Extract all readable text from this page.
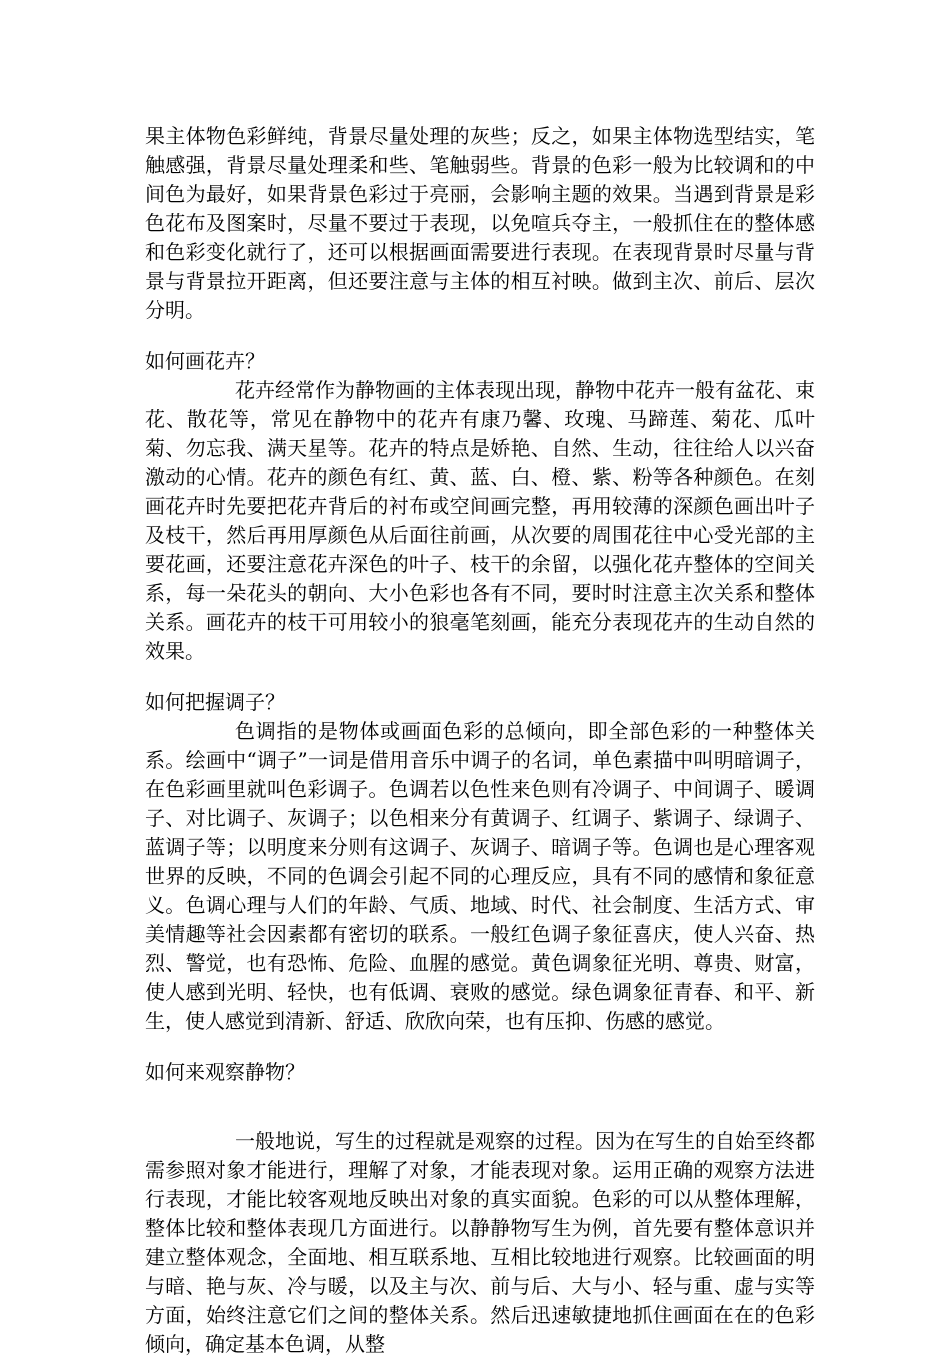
果主体物色彩鲜纯，背景尽量处理的灰些；反之，如果主体物选型结实，笔触感强，背景尽量处理柔和些、笔触弱些。背景的色彩一般为比较调和的中间色为最好，如果背景色彩过于亮丽，会影响主题的效果。当遇到背景是彩色花布及图案时，尽量不要过于表现，以免喧兵夺主，一般抓住在的整体感和色彩变化就行了，还可以根据画面需要进行表现。在表现背景时尽量与背景与背景拉开距离，但还要注意与主体的相互衬映。做到主次、前后、层次分明。

如何画花卉？

花卉经常作为静物画的主体表现出现，静物中花卉一般有盆花、束花、散花等，常见在静物中的花卉有康乃馨、玫瑰、马蹄莲、菊花、瓜叶菊、勿忘我、满天星等。花卉的特点是娇艳、自然、生动，往往给人以兴奋激动的心情。花卉的颜色有红、黄、蓝、白、橙、紫、粉等各种颜色。在刻画花卉时先要把花卉背后的衬布或空间画完整，再用较薄的深颜色画出叶子及枝干，然后再用厚颜色从后面往前画，从次要的周围花往中心受光部的主要花画，还要注意花卉深色的叶子、枝干的余留，以强化花卉整体的空间关系，每一朵花头的朝向、大小色彩也各有不同，要时时注意主次关系和整体关系。画花卉的枝干可用较小的狼毫笔刻画，能充分表现花卉的生动自然的效果。

如何把握调子？

色调指的是物体或画面色彩的总倾向，即全部色彩的一种整体关系。绘画中“调子”一词是借用音乐中调子的名词，单色素描中叫明暗调子，在色彩画里就叫色彩调子。色调若以色性来色则有冷调子、中间调子、暖调子、对比调子、灰调子；以色相来分有黄调子、红调子、紫调子、绿调子、蓝调子等；以明度来分则有这调子、灰调子、暗调子等。色调也是心理客观世界的反映，不同的色调会引起不同的心理反应，具有不同的感情和象征意义。色调心理与人们的年龄、气质、地域、时代、社会制度、生活方式、审美情趣等社会因素都有密切的联系。一般红色调子象征喜庆，使人兴奋、热烈、警觉，也有恐怖、危险、血腥的感觉。黄色调象征光明、尊贵、财富，使人感到光明、轻快，也有低调、衰败的感觉。绿色调象征青春、和平、新生，使人感觉到清新、舒适、欣欣向荣，也有压抑、伤感的感觉。

如何来观察静物？

一般地说，写生的过程就是观察的过程。因为在写生的自始至终都需参照对象才能进行，理解了对象，才能表现对象。运用正确的观察方法进行表现，才能比较客观地反映出对象的真实面貌。色彩的可以从整体理解，整体比较和整体表现几方面进行。以静静物写生为例，首先要有整体意识并建立整体观念，全面地、相互联系地、互相比较地进行观察。比较画面的明与暗、艳与灰、冷与暖，以及主与次、前与后、大与小、轻与重、虚与实等方面，始终注意它们之间的整体关系。然后迅速敏捷地抓住画面在在的色彩倾向，确定基本色调，从整
